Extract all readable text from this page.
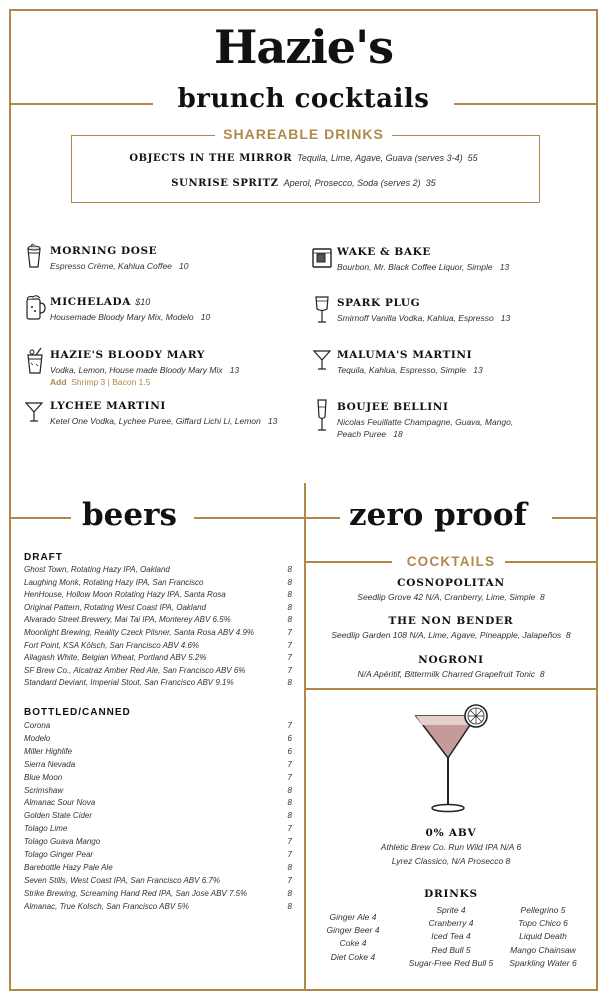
Hazie's
brunch cocktails
SHAREABLE DRINKS
OBJECTS IN THE MIRROR Tequila, Lime, Agave, Guava (serves 3-4) 55
SUNRISE SPRITZ Aperol, Prosecco, Soda (serves 2) 35
MORNING DOSE
Espresso Crème, Kahlua Coffee 10
MICHELADA $10
Housemade Bloody Mary Mix, Modelo 10
HAZIE'S BLOODY MARY
Vodka, Lemon, House made Bloody Mary Mix 13
Add Shrimp 3 | Bacon 1.5
LYCHEE MARTINI
Ketel One Vodka, Lychee Puree, Giffard Lichi Li, Lemon 13
WAKE & BAKE
Bourbon, Mr. Black Coffee Liquor, Simple 13
SPARK PLUG
Smirnoff Vanilla Vodka, Kahlua, Espresso 13
MALUMA'S MARTINI
Tequila, Kahlua, Espresso, Simple 13
BOUJEE BELLINI
Nicolas Feuillatte Champagne, Guava, Mango,
Peach Puree 18
beers	zero proof
DRAFT
Ghost Town, Rotating Hazy IPA, Oakland	8
Laughing Monk, Rotating Hazy IPA, San Francisco	8
HenHouse, Hollow Moon Rotating Hazy IPA, Santa Rosa	8
Original Pattern, Rotating West Coast IPA, Oakland	8
Alvarado Street Brewery, Mai Tai IPA, Monterey ABV 6.5%	8
Moonlight Brewing, Reality Czeck Pilsner, Santa Rosa ABV 4.9%	7
Fort Point, KSA Kölsch, San Francisco ABV 4.6%	7
Allagash White, Belgian Wheat, Portland ABV 5.2%	7
SF Brew Co., Alcatraz Amber Red Ale, San Francisco ABV 6%	7
Standard Deviant, Imperial Stout, San Francisco ABV 9.1%	8
BOTTLED/CANNED
Corona	7
Modelo	6
Miller Highlife	6
Sierra Nevada	7
Blue Moon	7
Scrimshaw	8
Almanac Sour Nova	8
Golden State Cider	8
Tolago Lime	7
Tolago Guava Mango	7
Tolago Ginger Pear	7
Barebottle Hazy Pale Ale	8
Seven Stills, West Coast IPA, San Francisco ABV 6.7%	7
Strike Brewing, Screaming Hand Red IPA, San Jose ABV 7.5%	8
Almanac, True Kolsch, San Francisco ABV 5%	8
COCKTAILS
COSNOPOLITAN
Seedlip Grove 42 N/A, Cranberry, Lime, Simple 8
THE NON BENDER
Seedlip Garden 108 N/A, Lime, Agave, Pineapple, Jalapeños 8
NOGRONI
N/A Apéritif, Bittermilk Charred Grapefruit Tonic 8
0% ABV
Athletic Brew Co. Run Wild IPA N/A 6
Lyrez Classico, N/A Prosecco 8
DRINKS
Ginger Ale 4
Ginger Beer 4
Coke 4
Diet Coke 4
Sprite 4
Cranberry 4
Iced Tea 4
Red Bull 5
Sugar-Free Red Bull 5
Pellegrino 5
Topo Chico 6
Liquid Death
Mango Chainsaw
Sparkling Water 6
